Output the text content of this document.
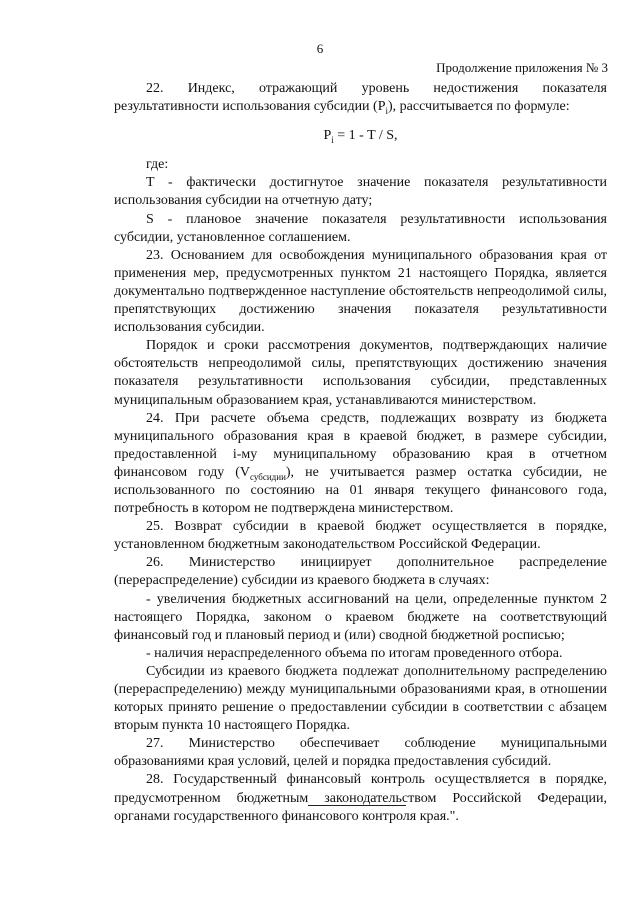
6
Продолжение приложения № 3

22. Индекс, отражающий уровень недостижения показателя результативности использования субсидии $(P_i)$, рассчитывается по формуле:

$P_i = 1 - T / S$,

где:

T - фактически достигнутое значение показателя результативности использования субсидии на отчетную дату;

S - плановое значение показателя результативности использования субсидии, установленное соглашением.

23. Основанием для освобождения муниципального образования края от применения мер, предусмотренных пунктом 21 настоящего Порядка, является документально подтвержденное наступление обстоятельств непреодолимой силы, препятствующих достижению значения показателя результативности использования субсидии.

Порядок и сроки рассмотрения документов, подтверждающих наличие обстоятельств непреодолимой силы, препятствующих достижению значения показателя результативности использования субсидии, представленных муниципальным образованием края, устанавливаются министерством.

24. При расчете объема средств, подлежащих возврату из бюджета муниципального образования края в краевой бюджет, в размере субсидии, предоставленной i-му муниципальному образованию края в отчетном финансовом году $(V_{субсидии})$, не учитывается размер остатка субсидии, не использованного по состоянию на 01 января текущего финансового года, потребность в котором не подтверждена министерством.

25. Возврат субсидии в краевой бюджет осуществляется в порядке, установленном бюджетным законодательством Российской Федерации.

26. Министерство инициирует дополнительное распределение (перераспределение) субсидии из краевого бюджета в случаях:

- увеличения бюджетных ассигнований на цели, определенные пунктом 2 настоящего Порядка, законом о краевом бюджете на соответствующий финансовый год и плановый период и (или) сводной бюджетной росписью;

- наличия нераспределенного объема по итогам проведенного отбора.

Субсидии из краевого бюджета подлежат дополнительному распределению (перераспределению) между муниципальными образованиями края, в отношении которых принято решение о предоставлении субсидии в соответствии с абзацем вторым пункта 10 настоящего Порядка.

27. Министерство обеспечивает соблюдение муниципальными образованиями края условий, целей и порядка предоставления субсидий.

28. Государственный финансовый контроль осуществляется в порядке, предусмотренном бюджетным законодательством Российской Федерации, органами государственного финансового контроля края.".
